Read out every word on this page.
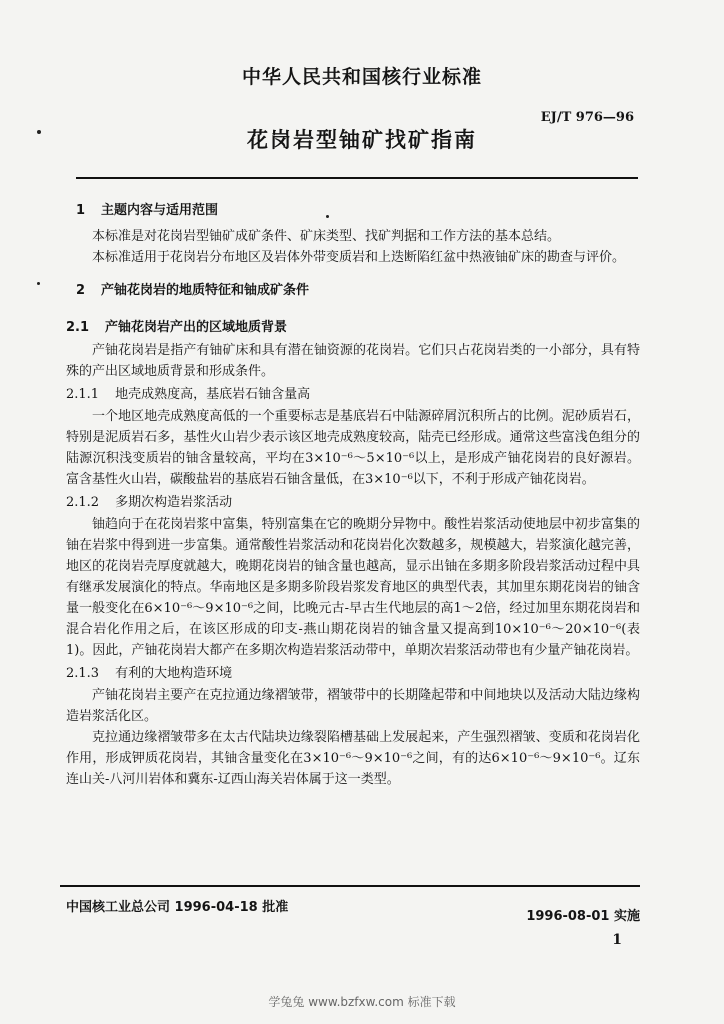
中华人民共和国核行业标准
EJ/T 976—96
花岗岩型铀矿找矿指南
1 主题内容与适用范围

本标准是对花岗岩型铀矿成矿条件、矿床类型、找矿判据和工作方法的基本总结。

本标准适用于花岗岩分布地区及岩体外带变质岩和上迭断陷红盆中热液铀矿床的勘查与评价。

2 产铀花岗岩的地质特征和铀成矿条件
2.1 产铀花岗岩产出的区域地质背景

产铀花岗岩是指产有铀矿床和具有潜在铀资源的花岗岩。它们只占花岗岩类的一小部分，具有特殊的产出区域地质背景和形成条件。

2.1.1 地壳成熟度高，基底岩石铀含量高

一个地区地壳成熟度高低的一个重要标志是基底岩石中陆源碎屑沉积所占的比例。泥砂质岩石，特别是泥质岩石多，基性火山岩少表示该区地壳成熟度较高，陆壳已经形成。通常这些富浅色组分的陆源沉积浅变质岩的铀含量较高，平均在3×10⁻⁶～5×10⁻⁶以上，是形成产铀花岗岩的良好源岩。富含基性火山岩，碳酸盐岩的基底岩石铀含量低，在3×10⁻⁶以下，不利于形成产铀花岗岩。

2.1.2 多期次构造岩浆活动

铀趋向于在花岗岩浆中富集，特别富集在它的晚期分异物中。酸性岩浆活动使地层中初步富集的铀在岩浆中得到进一步富集。通常酸性岩浆活动和花岗岩化次数越多，规模越大，岩浆演化越完善，地区的花岗岩壳厚度就越大，晚期花岗岩的铀含量也越高，显示出铀在多期多阶段岩浆活动过程中具有继承发展演化的特点。华南地区是多期多阶段岩浆发育地区的典型代表，其加里东期花岗岩的铀含量一般变化在6×10⁻⁶～9×10⁻⁶之间，比晚元古-早古生代地层的高1～2倍，经过加里东期花岗岩和混合岩化作用之后，在该区形成的印支-燕山期花岗岩的铀含量又提高到10×10⁻⁶～20×10⁻⁶(表1)。因此，产铀花岗岩大都产在多期次构造岩浆活动带中，单期次岩浆活动带也有少量产铀花岗岩。

2.1.3 有利的大地构造环境

产铀花岗岩主要产在克拉通边缘褶皱带，褶皱带中的长期隆起带和中间地块以及活动大陆边缘构造岩浆活化区。

克拉通边缘褶皱带多在太古代陆块边缘裂陷槽基础上发展起来，产生强烈褶皱、变质和花岗岩化作用，形成钾质花岗岩，其铀含量变化在3×10⁻⁶～9×10⁻⁶之间，有的达6×10⁻⁶～9×10⁻⁶。辽东连山关-八河川岩体和冀东-辽西山海关岩体属于这一类型。

中国核工业总公司 1996-04-18 批准
1996-08-01 实施
1
学兔兔 www.bzfxw.com 标准下载
